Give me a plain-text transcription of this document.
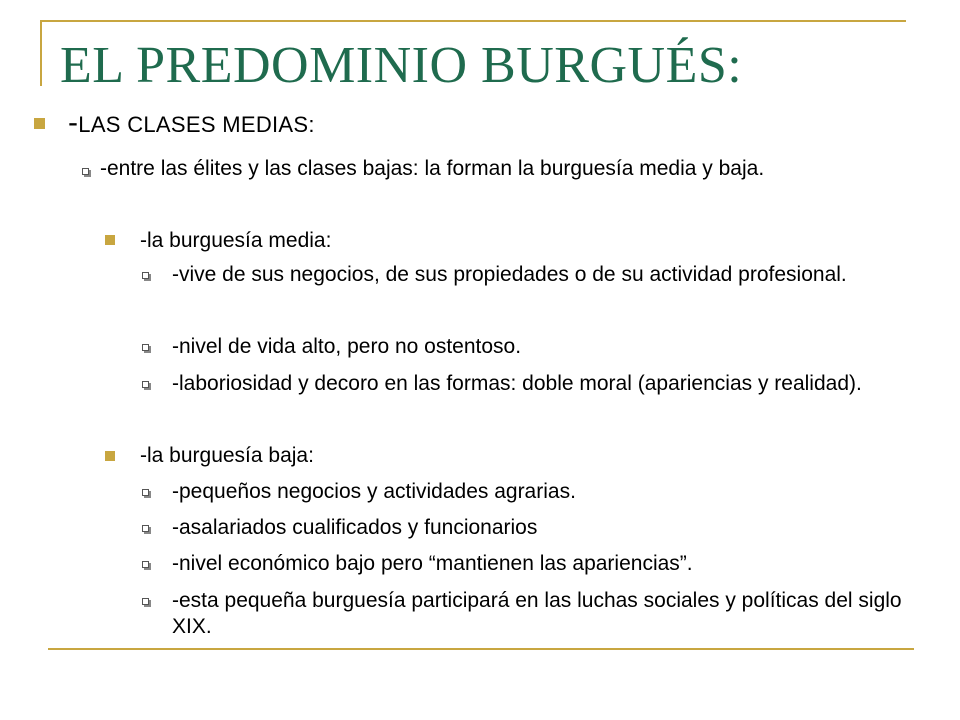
EL PREDOMINIO BURGUÉS:

-LAS CLASES MEDIAS:

-entre las élites y las clases bajas: la forman la burguesía media y baja.

-la burguesía media:

-vive de sus negocios, de sus propiedades o de su actividad profesional.

-nivel de vida alto, pero no ostentoso.

-laboriosidad y decoro en las formas: doble moral (apariencias y realidad).

-la burguesía baja:

-pequeños negocios y actividades agrarias.

-asalariados cualificados y funcionarios

-nivel económico bajo pero “mantienen las apariencias”.

-esta pequeña burguesía participará en las luchas sociales y políticas del siglo XIX.
